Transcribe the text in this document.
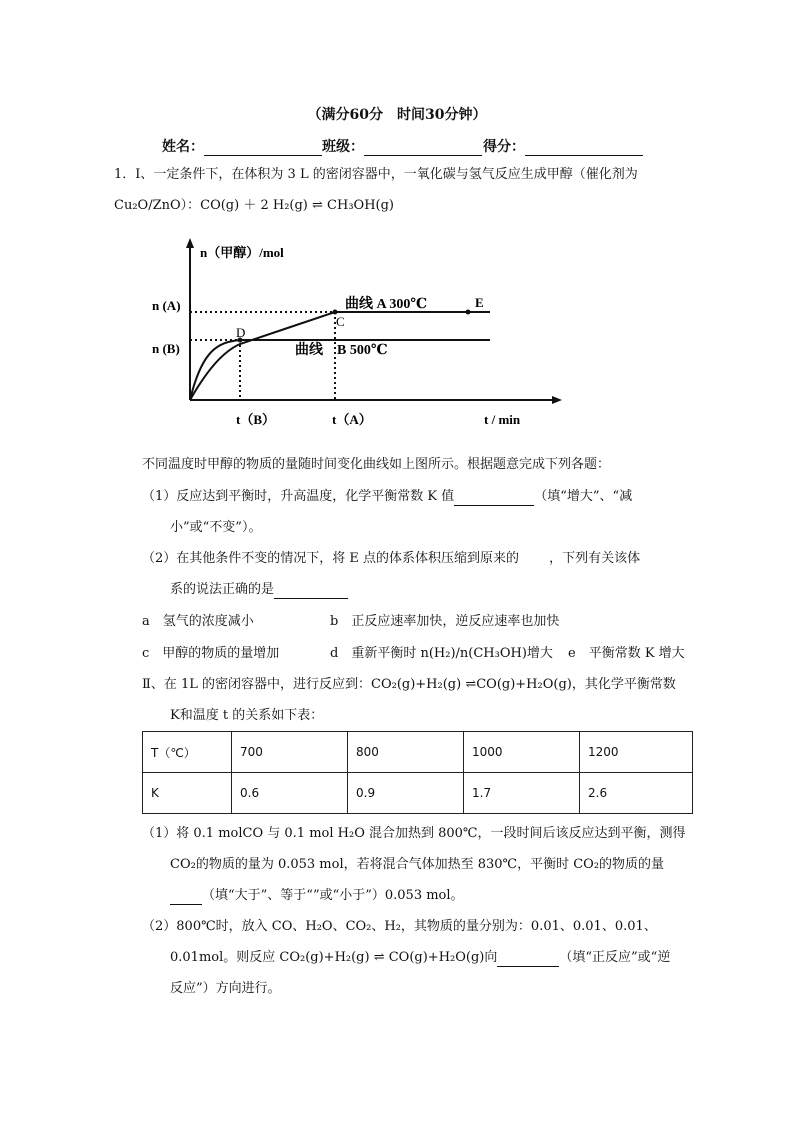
（满分60分　时间30分钟）
姓名：	班级：	得分：
1．Ⅰ、一定条件下，在体积为 3 L 的密闭容器中，一氧化碳与氢气反应生成甲醇（催化剂为
Cu₂O/ZnO）：CO(g) ＋ 2 H₂(g) ⇌ CH₃OH(g)
n（甲醇）/mol
n (A)
n (B)
D
C
E
曲线 A 300℃
曲线　B 500℃
t（B）	t（A）	t / min
不同温度时甲醇的物质的量随时间变化曲线如上图所示。根据题意完成下列各题：
（1）反应达到平衡时，升高温度，化学平衡常数 K 值	（填“增大”、“减
小”或“不变”）。
（2）在其他条件不变的情况下，将 E 点的体系体积压缩到原来的　　 ，下列有关该体
系的说法正确的是
a　氢气的浓度减小	b　正反应速率加快，逆反应速率也加快
c　甲醇的物质的量增加	d　重新平衡时 n(H₂)/n(CH₃OH)增大 e　平衡常数 K 增大
Ⅱ、在 1L 的密闭容器中，进行反应到：CO₂(g)+H₂(g) ⇌CO(g)+H₂O(g)，其化学平衡常数
K和温度 t 的关系如下表：
T（℃）	700	800	1000	1200
K	0.6	0.9	1.7	2.6
（1）将 0.1 molCO 与 0.1 mol H₂O 混合加热到 800℃，一段时间后该反应达到平衡，测得
CO₂的物质的量为 0.053 mol，若将混合气体加热至 830℃，平衡时 CO₂的物质的量
（填“大于”、等于“”或“小于”）0.053 mol。
（2）800℃时，放入 CO、H₂O、CO₂、H₂，其物质的量分别为：0.01、0.01、0.01、
0.01mol。则反应 CO₂(g)+H₂(g) ⇌ CO(g)+H₂O(g)向	（填“正反应”或“逆
反应”）方向进行。
